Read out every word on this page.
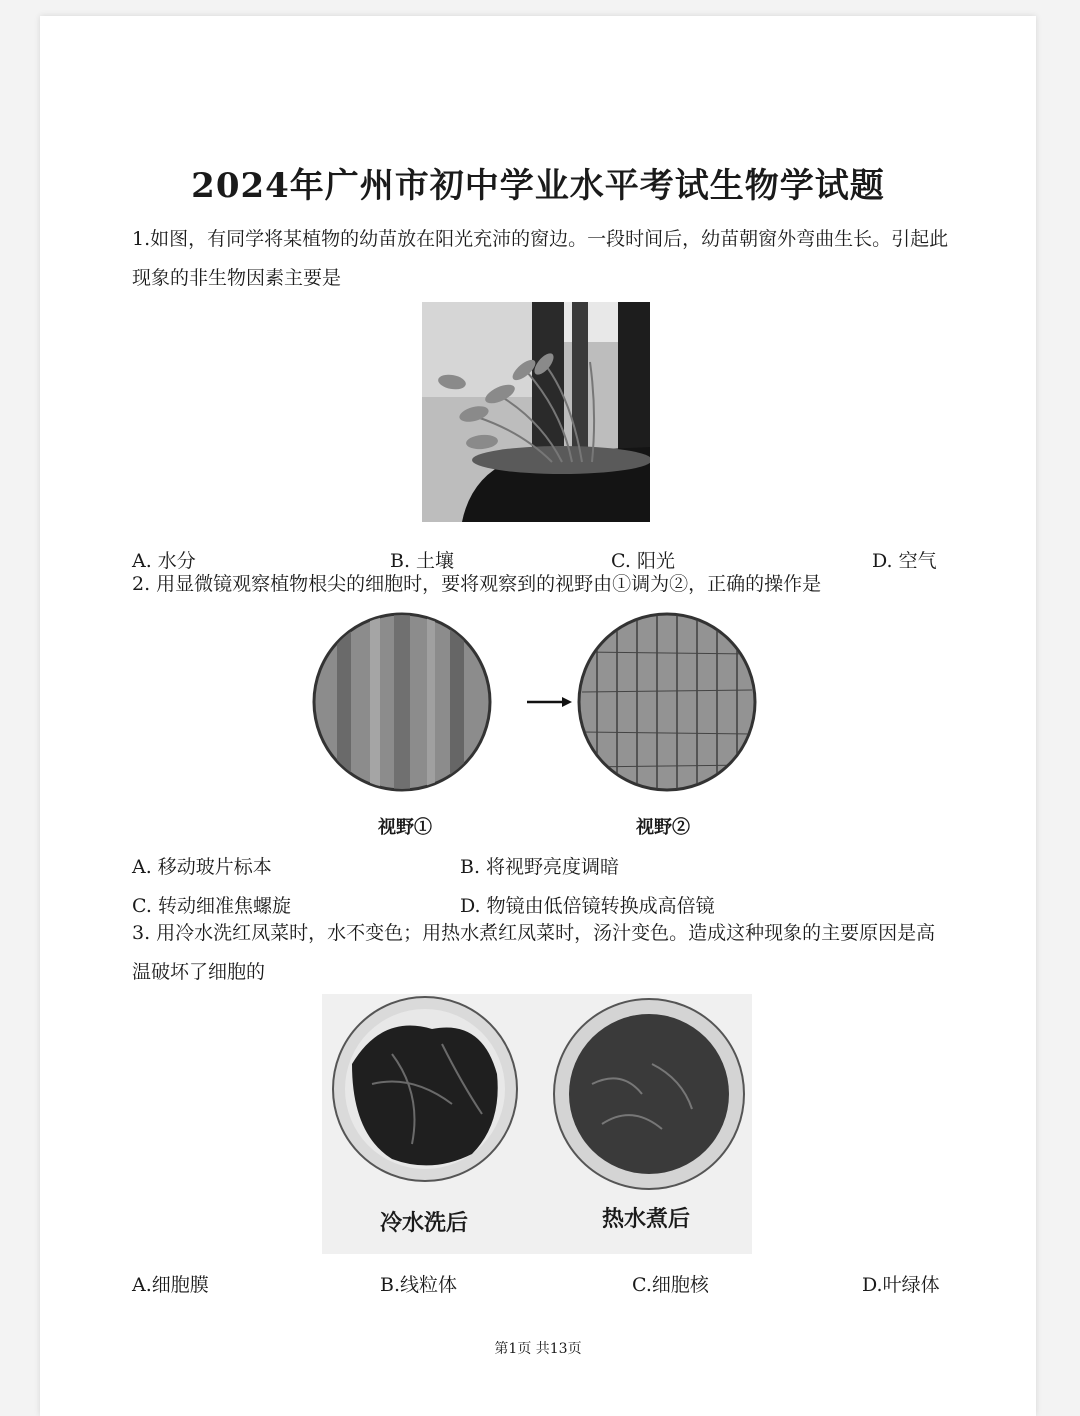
2024年广州市初中学业水平考试生物学试题
1.如图，有同学将某植物的幼苗放在阳光充沛的窗边。一段时间后，幼苗朝窗外弯曲生长。引起此现象的非生物因素主要是
A. 水分	B. 土壤	C. 阳光	D. 空气
2. 用显微镜观察植物根尖的细胞时，要将观察到的视野由①调为②，正确的操作是
视野①	视野②
A. 移动玻片标本	B. 将视野亮度调暗
C. 转动细准焦螺旋	D. 物镜由低倍镜转换成高倍镜
3. 用冷水洗红凤菜时，水不变色；用热水煮红凤菜时，汤汁变色。造成这种现象的主要原因是高温破坏了细胞的
冷水洗后	热水煮后
A.细胞膜	B.线粒体	C.细胞核	D.叶绿体
第1页 共13页
